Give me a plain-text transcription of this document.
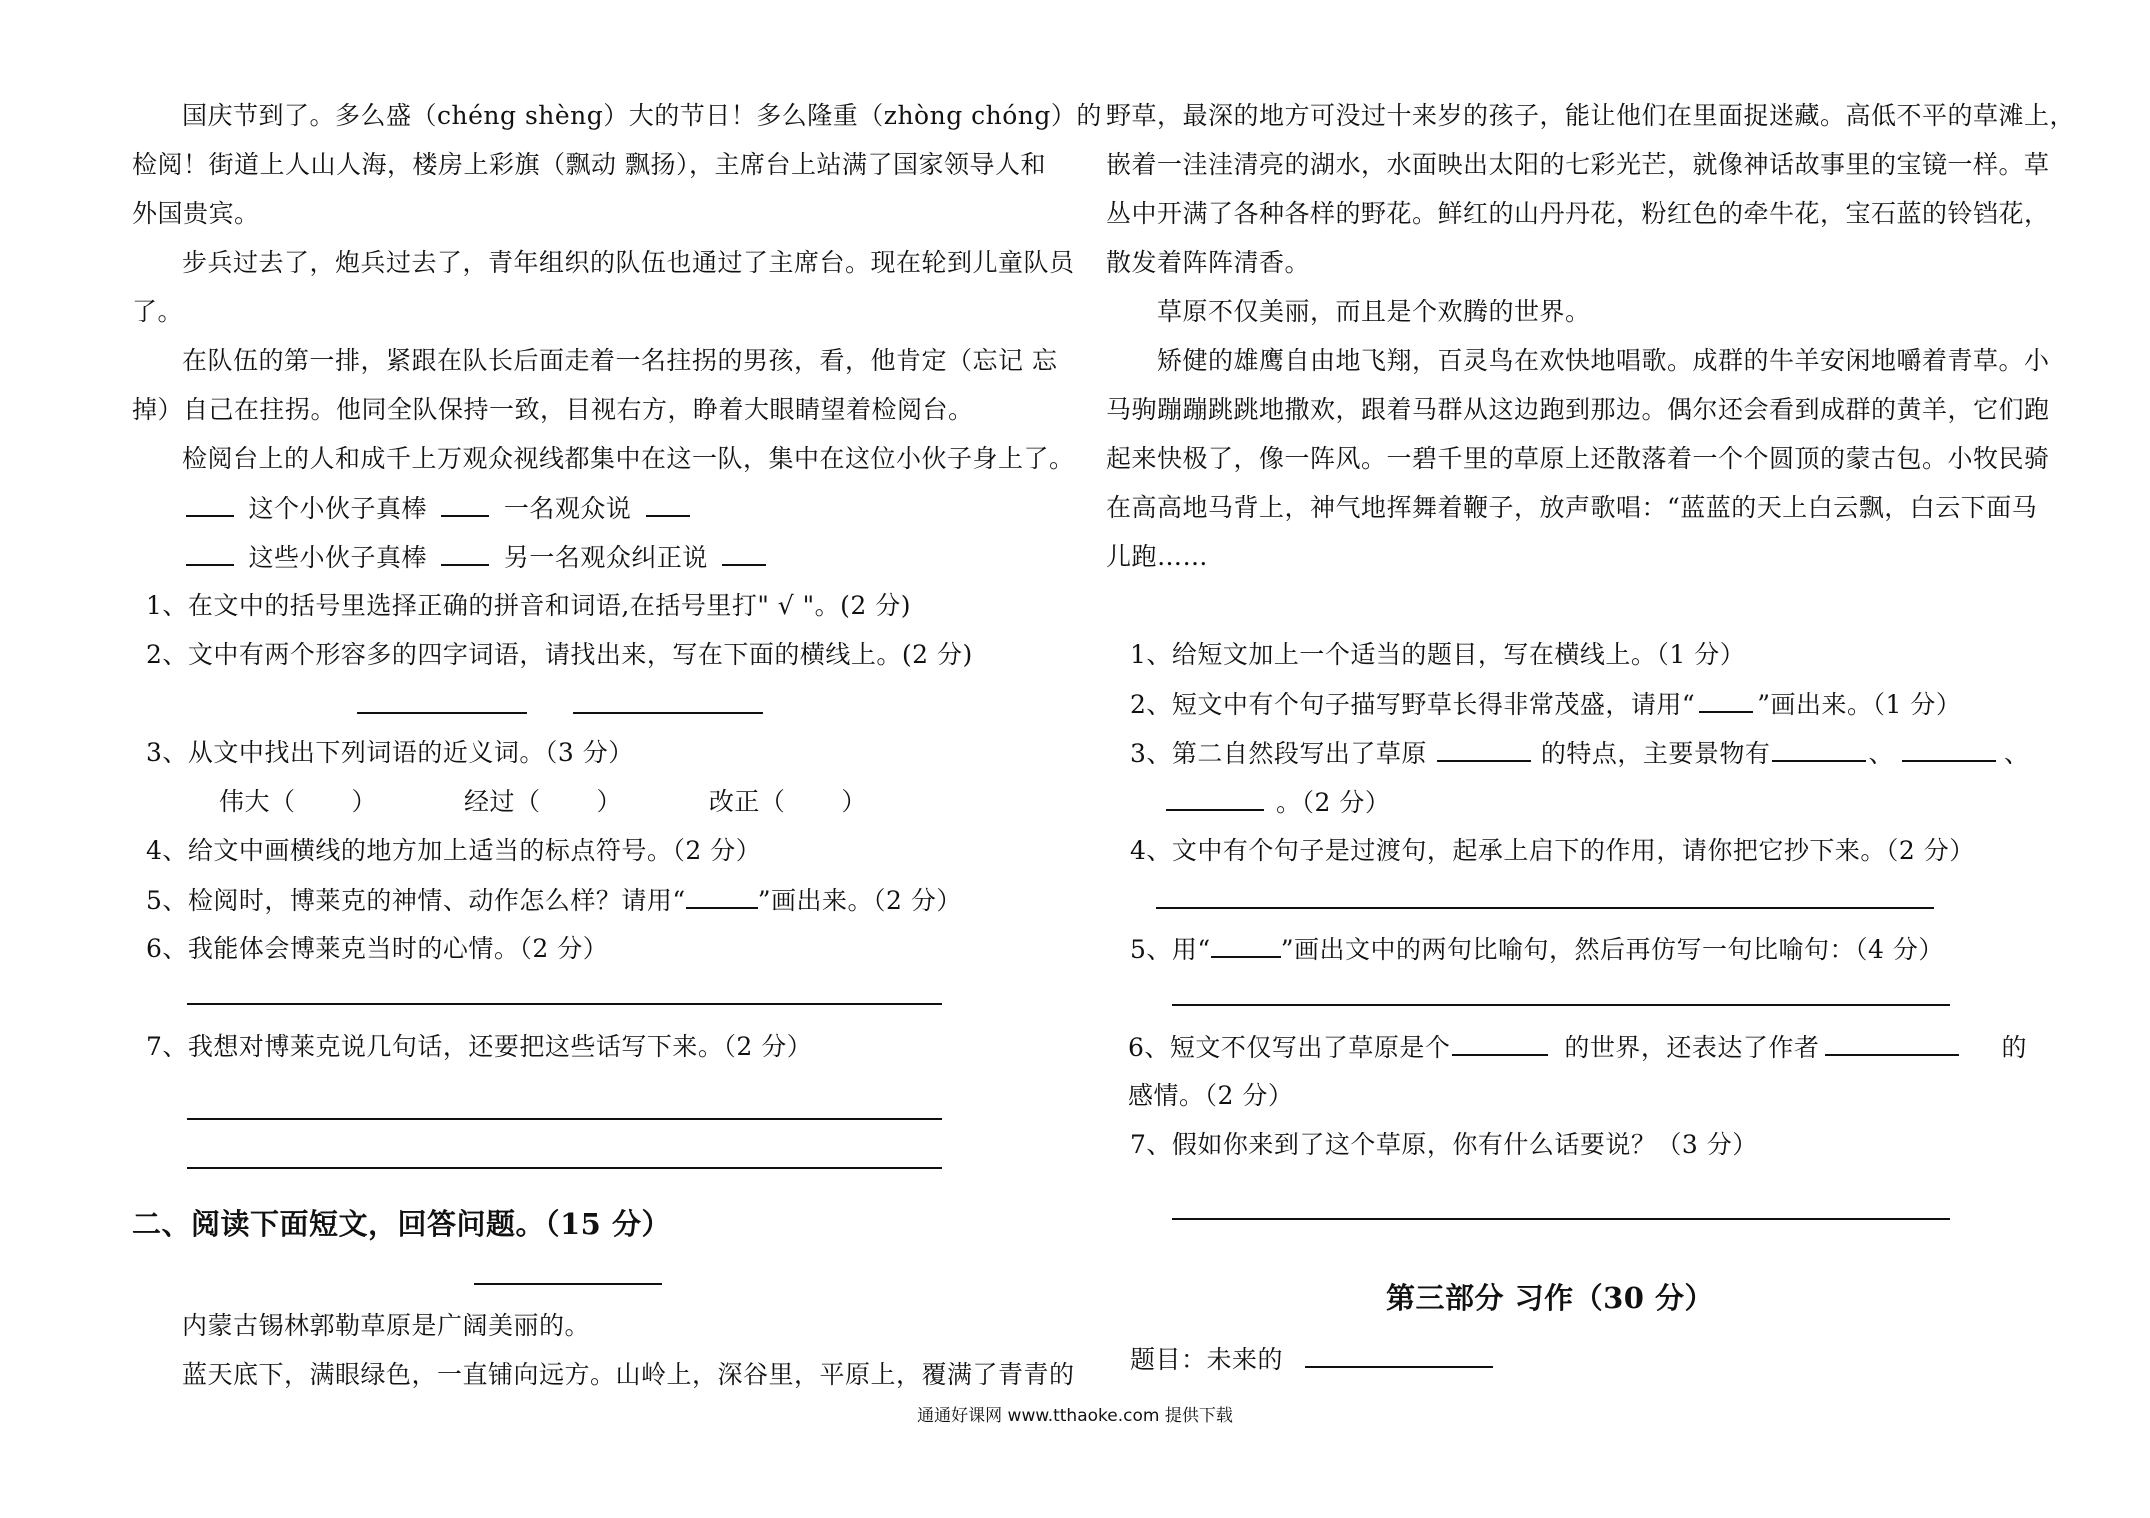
国庆节到了。多么盛（chéng shèng）大的节日！多么隆重（zhòng chóng）的
检阅！街道上人山人海，楼房上彩旗（飘动 飘扬），主席台上站满了国家领导人和
外国贵宾。
步兵过去了，炮兵过去了，青年组织的队伍也通过了主席台。现在轮到儿童队员
了。
在队伍的第一排，紧跟在队长后面走着一名拄拐的男孩，看，他肯定（忘记 忘
掉）自己在拄拐。他同全队保持一致，目视右方，睁着大眼睛望着检阅台。
检阅台上的人和成千上万观众视线都集中在这一队，集中在这位小伙子身上了。
这个小伙子真棒	一名观众说
这些小伙子真棒	另一名观众纠正说
1、在文中的括号里选择正确的拼音和词语,在括号里打" √ "。(2 分)
2、文中有两个形容多的四字词语，请找出来，写在下面的横线上。(2 分)
3、从文中找出下列词语的近义词。（3 分）
伟大（ ）	经过（ ）	改正（ ）
4、给文中画横线的地方加上适当的标点符号。（2 分）
5、检阅时，博莱克的神情、动作怎么样？请用“	”画出来。（2 分）
6、我能体会博莱克当时的心情。（2 分）
7、我想对博莱克说几句话，还要把这些话写下来。（2 分）
二、阅读下面短文，回答问题。（15 分）
内蒙古锡林郭勒草原是广阔美丽的。
蓝天底下，满眼绿色，一直铺向远方。山岭上，深谷里，平原上，覆满了青青的
野草，最深的地方可没过十来岁的孩子，能让他们在里面捉迷藏。高低不平的草滩上，
嵌着一洼洼清亮的湖水，水面映出太阳的七彩光芒，就像神话故事里的宝镜一样。草
丛中开满了各种各样的野花。鲜红的山丹丹花，粉红色的牵牛花，宝石蓝的铃铛花，
散发着阵阵清香。
草原不仅美丽，而且是个欢腾的世界。
矫健的雄鹰自由地飞翔，百灵鸟在欢快地唱歌。成群的牛羊安闲地嚼着青草。小
马驹蹦蹦跳跳地撒欢，跟着马群从这边跑到那边。偶尔还会看到成群的黄羊，它们跑
起来快极了，像一阵风。一碧千里的草原上还散落着一个个圆顶的蒙古包。小牧民骑
在高高地马背上，神气地挥舞着鞭子，放声歌唱：“蓝蓝的天上白云飘，白云下面马
儿跑……
1、给短文加上一个适当的题目，写在横线上。（1 分）
2、短文中有个句子描写野草长得非常茂盛，请用“ ”画出来。（1 分）
3、第二自然段写出了草原	的特点，主要景物有	、	、
。（2 分）
4、文中有个句子是过渡句，起承上启下的作用，请你把它抄下来。（2 分）
5、用“	”画出文中的两句比喻句，然后再仿写一句比喻句：（4 分）
6、短文不仅写出了草原是个	的世界，还表达了作者	的
感情。（2 分）
7、假如你来到了这个草原，你有什么话要说？（3 分）
第三部分 习作（30 分）
题目：未来的
通通好课网 www.tthaoke.com 提供下载
